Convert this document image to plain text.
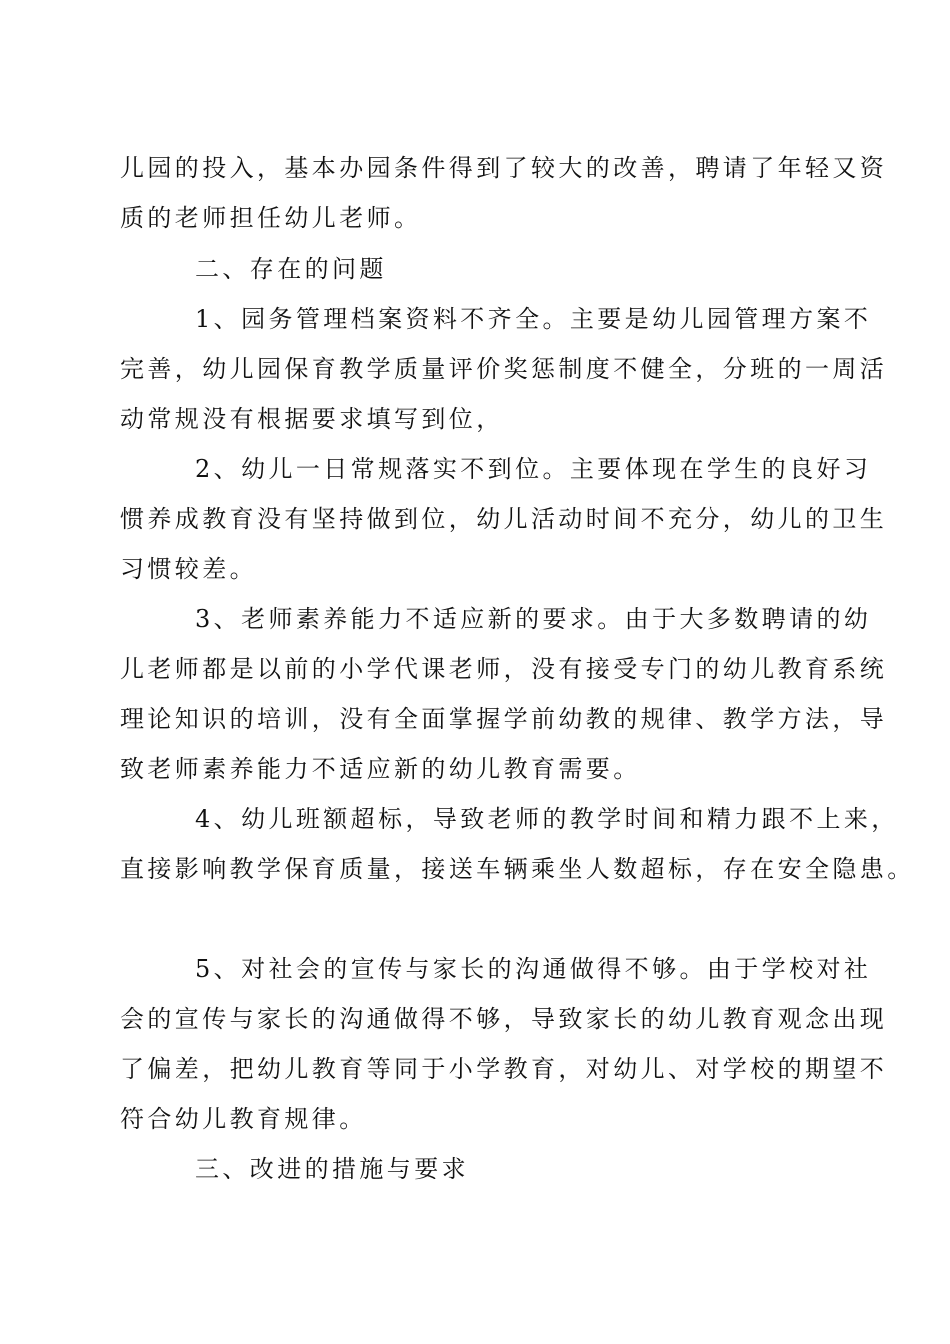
儿园的投入，基本办园条件得到了较大的改善，聘请了年轻又资
质的老师担任幼儿老师。
二、存在的问题
1、园务管理档案资料不齐全。主要是幼儿园管理方案不
完善，幼儿园保育教学质量评价奖惩制度不健全，分班的一周活
动常规没有根据要求填写到位，
2、幼儿一日常规落实不到位。主要体现在学生的良好习
惯养成教育没有坚持做到位，幼儿活动时间不充分，幼儿的卫生
习惯较差。
3、老师素养能力不适应新的要求。由于大多数聘请的幼
儿老师都是以前的小学代课老师，没有接受专门的幼儿教育系统
理论知识的培训，没有全面掌握学前幼教的规律、教学方法，导
致老师素养能力不适应新的幼儿教育需要。
4、幼儿班额超标，导致老师的教学时间和精力跟不上来，
直接影响教学保育质量，接送车辆乘坐人数超标，存在安全隐患。
5、对社会的宣传与家长的沟通做得不够。由于学校对社
会的宣传与家长的沟通做得不够，导致家长的幼儿教育观念出现
了偏差，把幼儿教育等同于小学教育，对幼儿、对学校的期望不
符合幼儿教育规律。
三、改进的措施与要求
